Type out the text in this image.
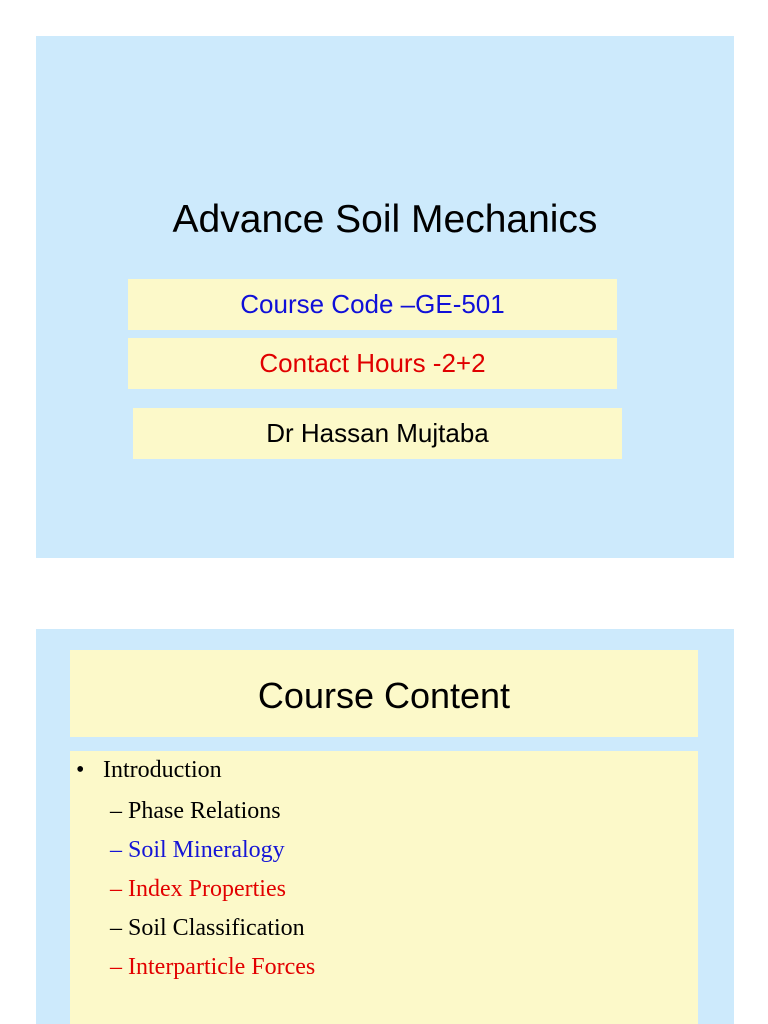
Advance Soil Mechanics
Course Code –GE-501
Contact Hours -2+2
Dr Hassan Mujtaba
Course Content
• Introduction
– Phase Relations
– Soil Mineralogy
– Index Properties
– Soil Classification
– Interparticle Forces
